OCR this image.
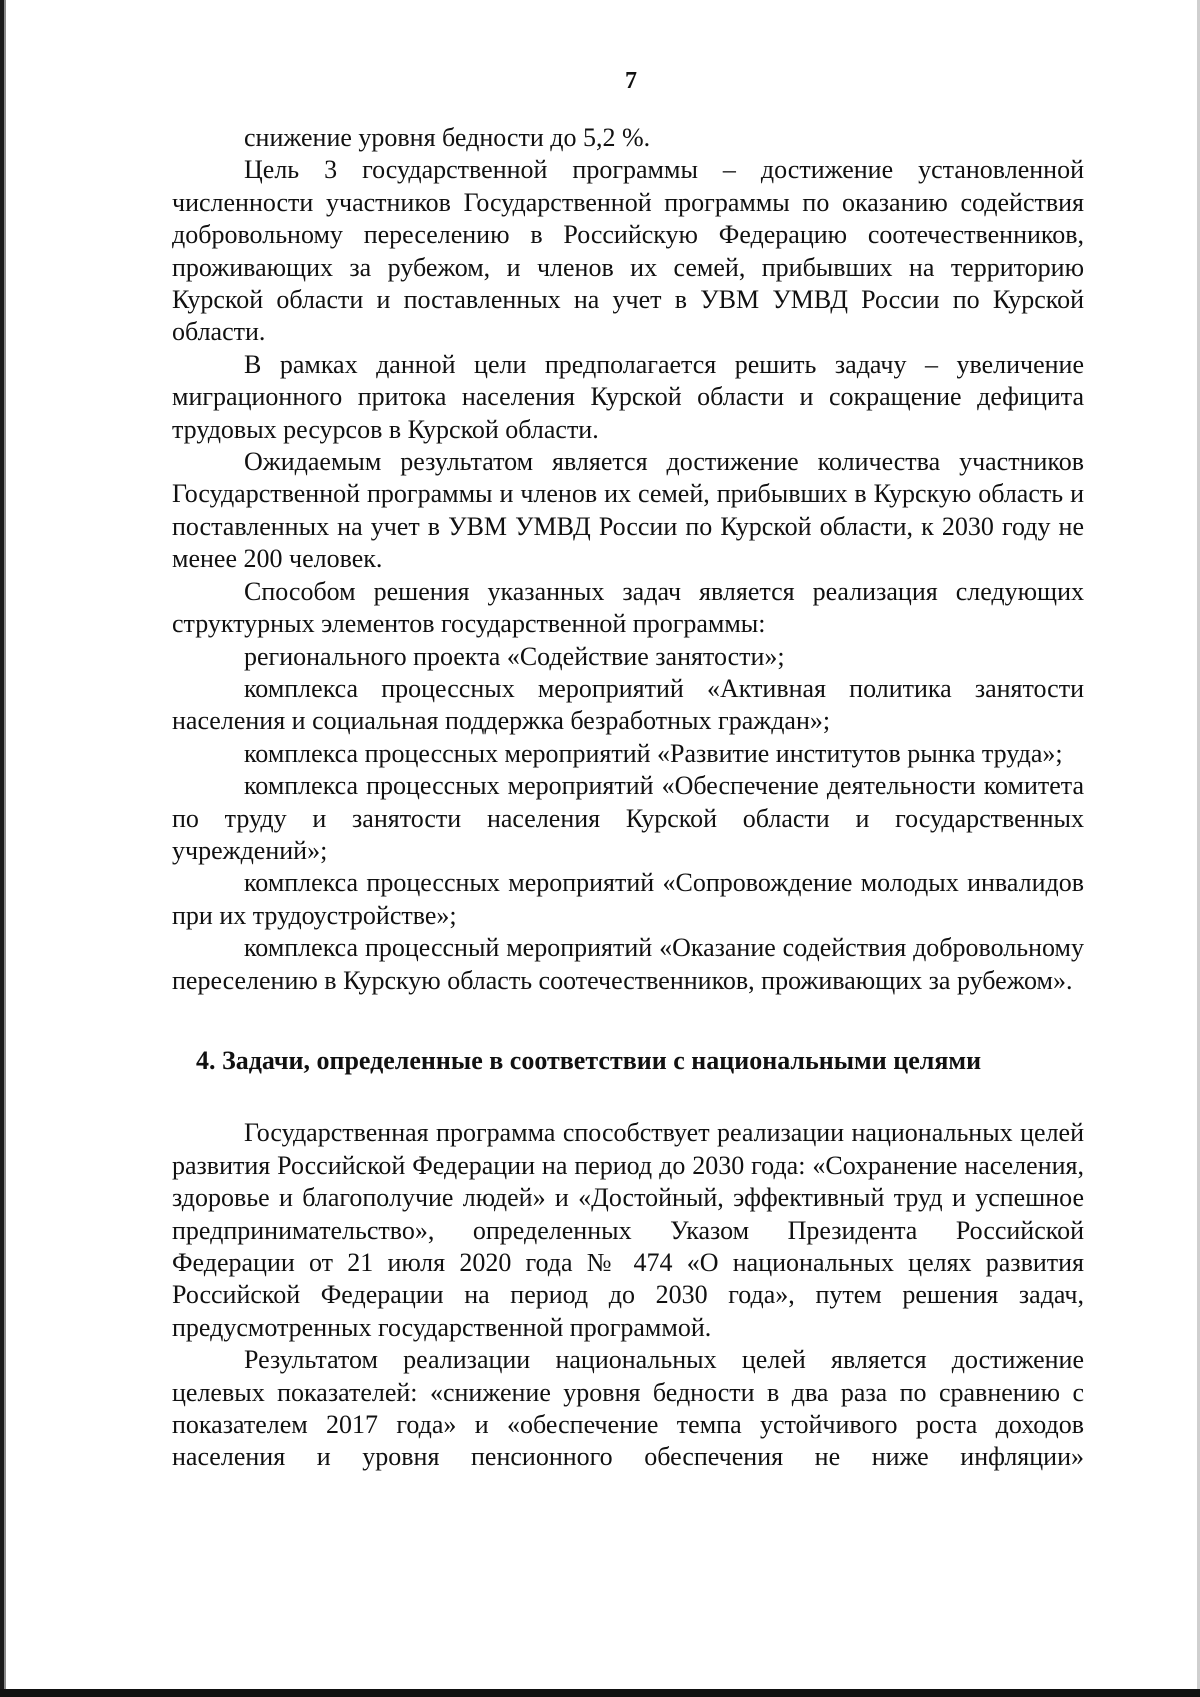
7

снижение уровня бедности до 5,2 %.

Цель 3 государственной программы – достижение установленной численности участников Государственной программы по оказанию содействия добровольному переселению в Российскую Федерацию соотечественников, проживающих за рубежом, и членов их семей, прибывших на территорию Курской области и поставленных на учет в УВМ УМВД России по Курской области.

В рамках данной цели предполагается решить задачу – увеличение миграционного притока населения Курской области и сокращение дефицита трудовых ресурсов в Курской области.

Ожидаемым результатом является достижение количества участников Государственной программы и членов их семей, прибывших в Курскую область и поставленных на учет в УВМ УМВД России по Курской области, к 2030 году не менее 200 человек.

Способом решения указанных задач является реализация следующих структурных элементов государственной программы:

регионального проекта «Содействие занятости»;

комплекса процессных мероприятий «Активная политика занятости населения и социальная поддержка безработных граждан»;

комплекса процессных мероприятий «Развитие институтов рынка труда»;

комплекса процессных мероприятий «Обеспечение деятельности комитета по труду и занятости населения Курской области и государственных учреждений»;

комплекса процессных мероприятий «Сопровождение молодых инвалидов при их трудоустройстве»;

комплекса процессный мероприятий «Оказание содействия добровольному переселению в Курскую область соотечественников, проживающих за рубежом».

4. Задачи, определенные в соответствии с национальными целями

Государственная программа способствует реализации национальных целей развития Российской Федерации на период до 2030 года: «Сохранение населения, здоровье и благополучие людей» и «Достойный, эффективный труд и успешное предпринимательство», определенных Указом Президента Российской Федерации от 21 июля 2020 года № 474 «О национальных целях развития Российской Федерации на период до 2030 года», путем решения задач, предусмотренных государственной программой.

Результатом реализации национальных целей является достижение целевых показателей: «снижение уровня бедности в два раза по сравнению с показателем 2017 года» и «обеспечение темпа устойчивого роста доходов населения и уровня пенсионного обеспечения не ниже инфляции»
